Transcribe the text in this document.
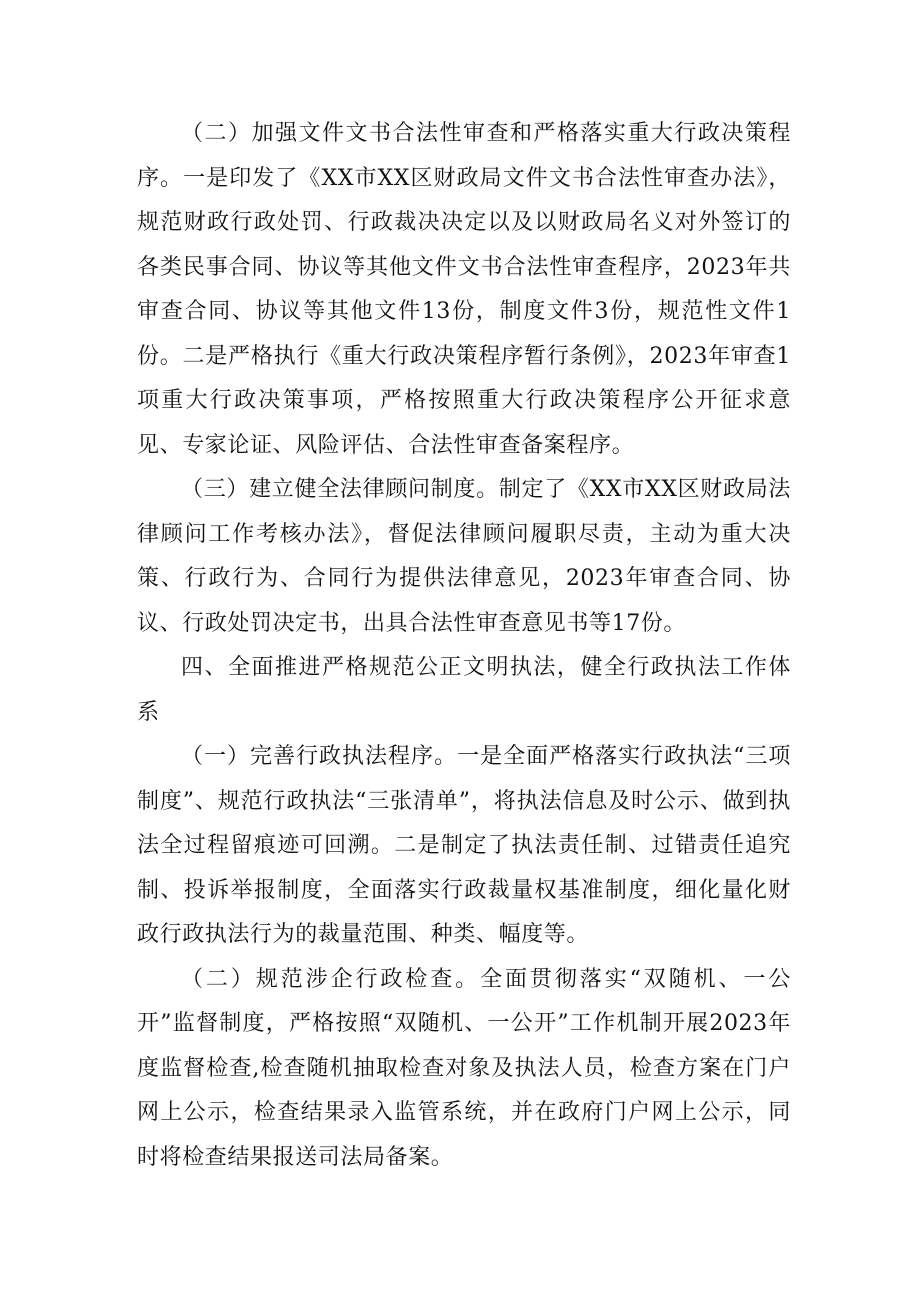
（二）加强文件文书合法性审查和严格落实重大行政决策程序。一是印发了《XX市XX区财政局文件文书合法性审查办法》，规范财政行政处罚、行政裁决决定以及以财政局名义对外签订的各类民事合同、协议等其他文件文书合法性审查程序，2023年共审查合同、协议等其他文件13份，制度文件3份，规范性文件1份。二是严格执行《重大行政决策程序暂行条例》，2023年审查1项重大行政决策事项，严格按照重大行政决策程序公开征求意见、专家论证、风险评估、合法性审查备案程序。

（三）建立健全法律顾问制度。制定了《XX市XX区财政局法律顾问工作考核办法》，督促法律顾问履职尽责，主动为重大决策、行政行为、合同行为提供法律意见，2023年审查合同、协议、行政处罚决定书，出具合法性审查意见书等17份。

四、全面推进严格规范公正文明执法，健全行政执法工作体系

（一）完善行政执法程序。一是全面严格落实行政执法“三项制度”、规范行政执法“三张清单”，将执法信息及时公示、做到执法全过程留痕迹可回溯。二是制定了执法责任制、过错责任追究制、投诉举报制度，全面落实行政裁量权基准制度，细化量化财政行政执法行为的裁量范围、种类、幅度等。

（二）规范涉企行政检查。全面贯彻落实“双随机、一公开”监督制度，严格按照“双随机、一公开”工作机制开展2023年度监督检查,检查随机抽取检查对象及执法人员，检查方案在门户网上公示，检查结果录入监管系统，并在政府门户网上公示，同时将检查结果报送司法局备案。
